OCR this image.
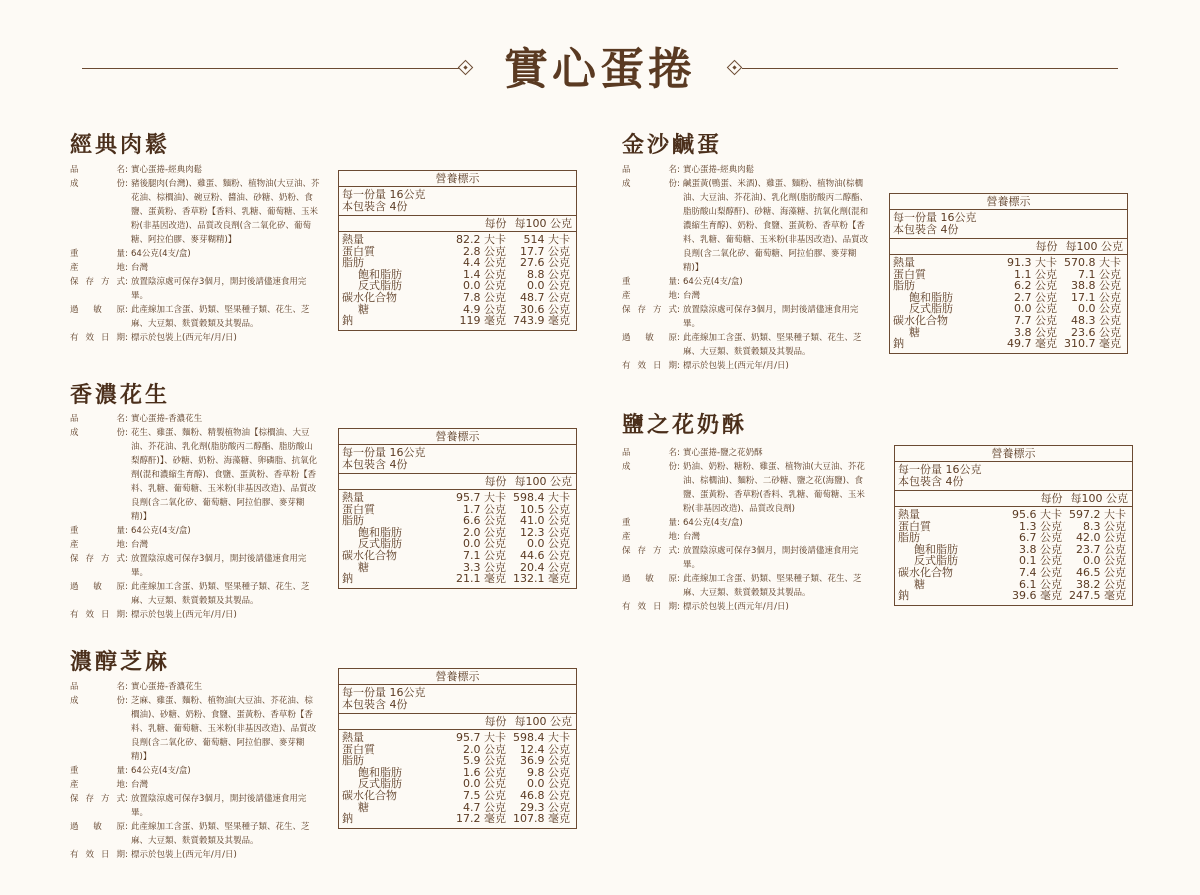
實心蛋捲
經典肉鬆
品名 : 實心蛋捲-經典肉鬆
成份 : 豬後腿肉(台灣)、雞蛋、麵粉、植物油(大豆油、芥花油、棕櫚油)、碗豆粉、醬油、砂糖、奶粉、食鹽、蛋黃粉、香草粉【香料、乳糖、葡萄糖、玉米粉(非基因改造)、品質改良劑(含二氧化矽、葡萄糖、阿拉伯膠、麥芽糊精)】
重量 : 64公克(4支/盒)
產地 : 台灣
保存方式 : 放置陰涼處可保存3個月，開封後請儘速食用完畢。
過敏原 : 此產線加工含蛋、奶類、堅果種子類、花生、芝麻、大豆類、麩質穀類及其製品。
有效日期 : 標示於包裝上(西元年/月/日)
營養標示
每一份量 16公克
本包裝含 4份
每份 每100 公克
熱量	82.2 大卡	514 大卡
蛋白質	2.8 公克	17.7 公克
脂肪	4.4 公克	27.6 公克
飽和脂肪	1.4 公克	8.8 公克
反式脂肪	0.0 公克	0.0 公克
碳水化合物	7.8 公克	48.7 公克
糖	4.9 公克	30.6 公克
鈉	119 毫克 743.9 毫克
香濃花生
品名 : 實心蛋捲-香濃花生
成份 : 花生、雞蛋、麵粉、精製植物油【棕櫚油、大豆油、芥花油、乳化劑(脂肪酸丙二醇酯、脂肪酸山梨醇酐)】、砂糖、奶粉、海藻糖、卵磷脂、抗氧化劑(混和濃縮生育醇)、食鹽、蛋黃粉、香草粉【香料、乳糖、葡萄糖、玉米粉(非基因改造)、品質改良劑(含二氧化矽、葡萄糖、阿拉伯膠、麥芽糊精)】
重量 : 64公克(4支/盒)
產地 : 台灣
保存方式 : 放置陰涼處可保存3個月，開封後請儘速食用完畢。
過敏原 : 此產線加工含蛋、奶類、堅果種子類、花生、芝麻、大豆類、麩質穀類及其製品。
有效日期 : 標示於包裝上(西元年/月/日)
營養標示
每一份量 16公克
本包裝含 4份
每份 每100 公克
熱量	95.7 大卡 598.4 大卡
蛋白質	1.7 公克	10.5 公克
脂肪	6.6 公克	41.0 公克
飽和脂肪	2.0 公克	12.3 公克
反式脂肪	0.0 公克	0.0 公克
碳水化合物	7.1 公克	44.6 公克
糖	3.3 公克	20.4 公克
鈉	21.1 毫克 132.1 毫克
濃醇芝麻
品名 : 實心蛋捲-香濃花生
成份 : 芝麻、雞蛋、麵粉、植物油(大豆油、芥花油、棕櫚油)、砂糖、奶粉、食鹽、蛋黃粉、香草粉【香料、乳糖、葡萄糖、玉米粉(非基因改造)、品質改良劑(含二氧化矽、葡萄糖、阿拉伯膠、麥芽糊精)】
重量 : 64公克(4支/盒)
產地 : 台灣
保存方式 : 放置陰涼處可保存3個月，開封後請儘速食用完畢。
過敏原 : 此產線加工含蛋、奶類、堅果種子類、花生、芝麻、大豆類、麩質穀類及其製品。
有效日期 : 標示於包裝上(西元年/月/日)
營養標示
每一份量 16公克
本包裝含 4份
每份 每100 公克
熱量	95.7 大卡 598.4 大卡
蛋白質	2.0 公克	12.4 公克
脂肪	5.9 公克	36.9 公克
飽和脂肪	1.6 公克	9.8 公克
反式脂肪	0.0 公克	0.0 公克
碳水化合物	7.5 公克	46.8 公克
糖	4.7 公克	29.3 公克
鈉	17.2 毫克 107.8 毫克
金沙鹹蛋
品名 : 實心蛋捲-經典肉鬆
成份 : 鹹蛋黃(鴨蛋、米酒)、雞蛋、麵粉、植物油(棕櫚油、大豆油、芥花油)、乳化劑(脂肪酸丙二醇酯、脂肪酸山梨醇酐)、砂糖、海藻糖、抗氧化劑(混和濃縮生育醇)、奶粉、食鹽、蛋黃粉、香草粉【香料、乳糖、葡萄糖、玉米粉(非基因改造)、品質改良劑(含二氧化矽、葡萄糖、阿拉伯膠、麥芽糊精)】
重量 : 64公克(4支/盒)
產地 : 台灣
保存方式 : 放置陰涼處可保存3個月，開封後請儘速食用完畢。
過敏原 : 此產線加工含蛋、奶類、堅果種子類、花生、芝麻、大豆類、麩質穀類及其製品。
有效日期 : 標示於包裝上(西元年/月/日)
營養標示
每一份量 16公克
本包裝含 4份
每份 每100 公克
熱量	91.3 大卡 570.8 大卡
蛋白質	1.1 公克	7.1 公克
脂肪	6.2 公克	38.8 公克
飽和脂肪	2.7 公克	17.1 公克
反式脂肪	0.0 公克	0.0 公克
碳水化合物	7.7 公克	48.3 公克
糖	3.8 公克	23.6 公克
鈉	49.7 毫克 310.7 毫克
鹽之花奶酥
品名 : 實心蛋捲-鹽之花奶酥
成份 : 奶油、奶粉、糖粉、雞蛋、植物油(大豆油、芥花油、棕櫚油)、麵粉、二砂糖、鹽之花(海鹽)、食鹽、蛋黃粉、香草粉(香料、乳糖、葡萄糖、玉米粉(非基因改造)、品質改良劑)
重量 : 64公克(4支/盒)
產地 : 台灣
保存方式 : 放置陰涼處可保存3個月，開封後請儘速食用完畢。
過敏原 : 此產線加工含蛋、奶類、堅果種子類、花生、芝麻、大豆類、麩質穀類及其製品。
有效日期 : 標示於包裝上(西元年/月/日)
營養標示
每一份量 16公克
本包裝含 4份
每份 每100 公克
熱量	95.6 大卡 597.2 大卡
蛋白質	1.3 公克	8.3 公克
脂肪	6.7 公克	42.0 公克
飽和脂肪	3.8 公克	23.7 公克
反式脂肪	0.1 公克	0.0 公克
碳水化合物	7.4 公克	46.5 公克
糖	6.1 公克	38.2 公克
鈉	39.6 毫克 247.5 毫克
